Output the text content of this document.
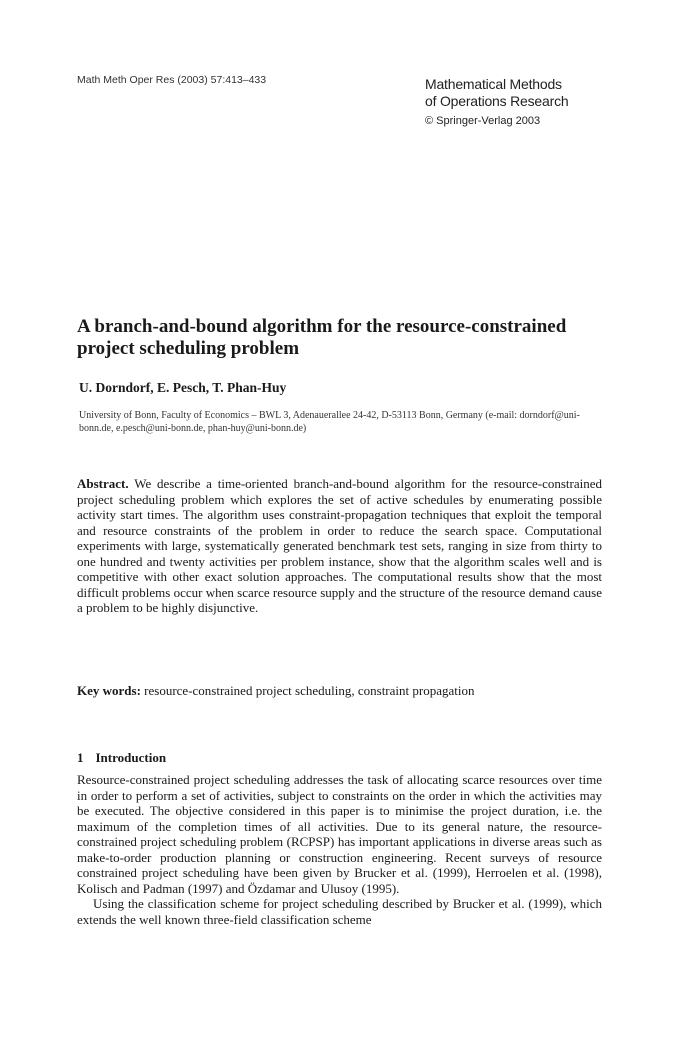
Math Meth Oper Res (2003) 57:413–433	Mathematical Methods
of Operations Research
© Springer-Verlag 2003
A branch-and-bound algorithm for the resource-constrained project scheduling problem
U. Dorndorf, E. Pesch, T. Phan-Huy
University of Bonn, Faculty of Economics – BWL 3, Adenauerallee 24-42, D-53113 Bonn, Germany (e-mail: dorndorf@uni-bonn.de, e.pesch@uni-bonn.de, phan-huy@uni-bonn.de)

Abstract. We describe a time-oriented branch-and-bound algorithm for the resource-constrained project scheduling problem which explores the set of active schedules by enumerating possible activity start times. The algorithm uses constraint-propagation techniques that exploit the temporal and resource constraints of the problem in order to reduce the search space. Computational experiments with large, systematically generated benchmark test sets, ranging in size from thirty to one hundred and twenty activities per problem instance, show that the algorithm scales well and is competitive with other exact solution approaches. The computational results show that the most difficult problems occur when scarce resource supply and the structure of the resource demand cause a problem to be highly disjunctive.

Key words: resource-constrained project scheduling, constraint propagation

1 Introduction

Resource-constrained project scheduling addresses the task of allocating scarce resources over time in order to perform a set of activities, subject to constraints on the order in which the activities may be executed. The objective considered in this paper is to minimise the project duration, i.e. the maximum of the completion times of all activities. Due to its general nature, the resource-constrained project scheduling problem (RCPSP) has important applications in diverse areas such as make-to-order production planning or construction engineering. Recent surveys of resource constrained project scheduling have been given by Brucker et al. (1999), Herroelen et al. (1998), Kolisch and Padman (1997) and Özdamar and Ulusoy (1995).

Using the classification scheme for project scheduling described by Brucker et al. (1999), which extends the well known three-field classification scheme
